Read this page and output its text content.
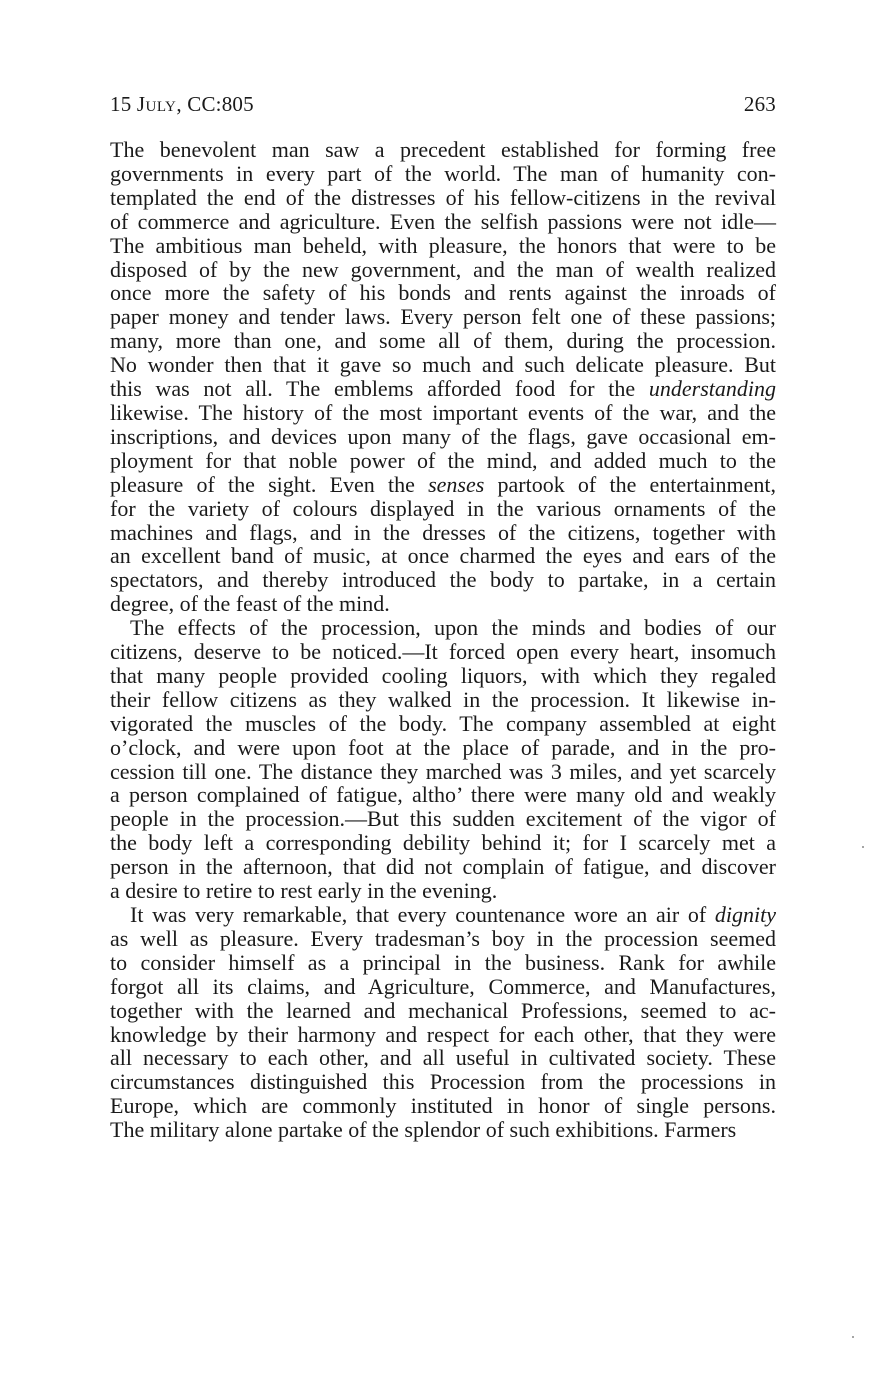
15 July, CC:805	263

The benevolent man saw a precedent established for forming free
governments in every part of the world. The man of humanity con-
templated the end of the distresses of his fellow-citizens in the revival
of commerce and agriculture. Even the selfish passions were not idle—
The ambitious man beheld, with pleasure, the honors that were to be
disposed of by the new government, and the man of wealth realized
once more the safety of his bonds and rents against the inroads of
paper money and tender laws. Every person felt one of these passions;
many, more than one, and some all of them, during the procession.
No wonder then that it gave so much and such delicate pleasure. But
this was not all. The emblems afforded food for the understanding
likewise. The history of the most important events of the war, and the
inscriptions, and devices upon many of the flags, gave occasional em-
ployment for that noble power of the mind, and added much to the
pleasure of the sight. Even the senses partook of the entertainment,
for the variety of colours displayed in the various ornaments of the
machines and flags, and in the dresses of the citizens, together with
an excellent band of music, at once charmed the eyes and ears of the
spectators, and thereby introduced the body to partake, in a certain
degree, of the feast of the mind.

The effects of the procession, upon the minds and bodies of our
citizens, deserve to be noticed.—It forced open every heart, insomuch
that many people provided cooling liquors, with which they regaled
their fellow citizens as they walked in the procession. It likewise in-
vigorated the muscles of the body. The company assembled at eight
o’clock, and were upon foot at the place of parade, and in the pro-
cession till one. The distance they marched was 3 miles, and yet scarcely
a person complained of fatigue, altho’ there were many old and weakly
people in the procession.—But this sudden excitement of the vigor of
the body left a corresponding debility behind it; for I scarcely met a
person in the afternoon, that did not complain of fatigue, and discover
a desire to retire to rest early in the evening.

It was very remarkable, that every countenance wore an air of dignity
as well as pleasure. Every tradesman’s boy in the procession seemed
to consider himself as a principal in the business. Rank for awhile
forgot all its claims, and Agriculture, Commerce, and Manufactures,
together with the learned and mechanical Professions, seemed to ac-
knowledge by their harmony and respect for each other, that they were
all necessary to each other, and all useful in cultivated society. These
circumstances distinguished this Procession from the processions in
Europe, which are commonly instituted in honor of single persons.
The military alone partake of the splendor of such exhibitions. Farmers
